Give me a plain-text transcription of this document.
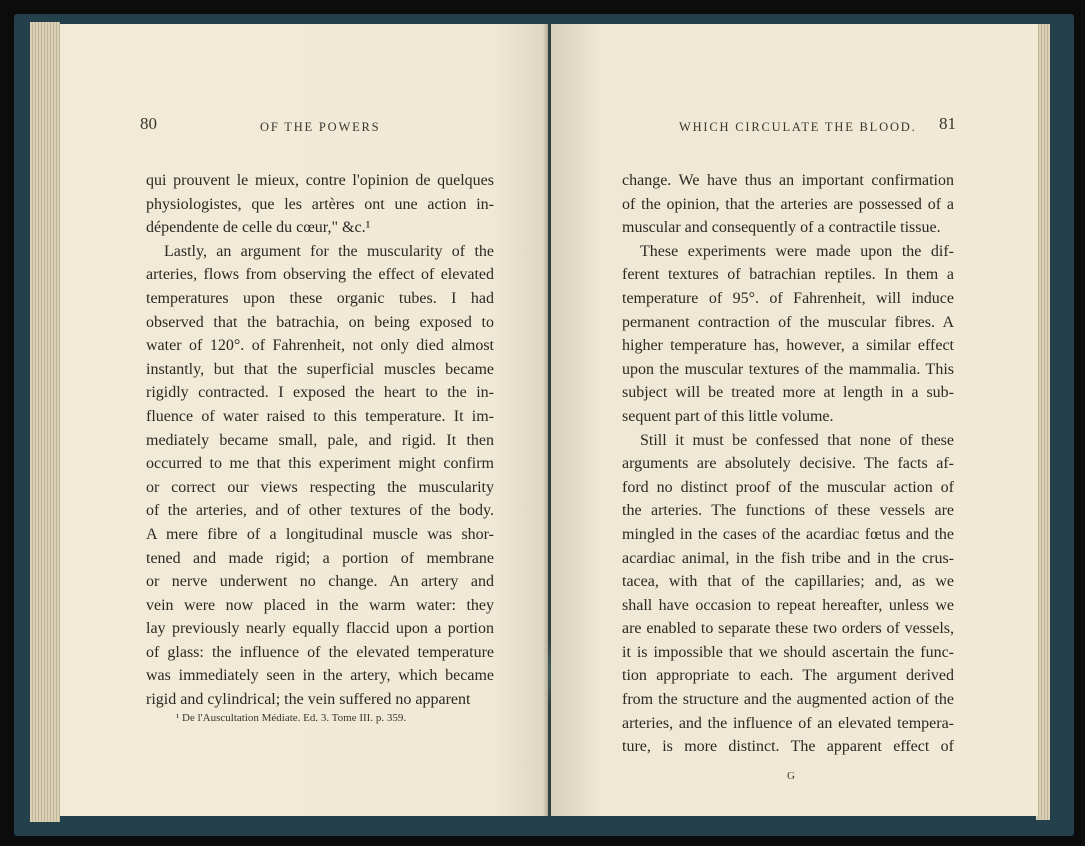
80	OF THE POWERS
qui prouvent le mieux, contre l'opinion de quelques
physiologistes, que les artères ont une action in-
dépendente de celle du cœur," &c.¹
Lastly, an argument for the muscularity of the
arteries, flows from observing the effect of elevated
temperatures upon these organic tubes. I had
observed that the batrachia, on being exposed to
water of 120°. of Fahrenheit, not only died almost
instantly, but that the superficial muscles became
rigidly contracted. I exposed the heart to the in-
fluence of water raised to this temperature. It im-
mediately became small, pale, and rigid. It then
occurred to me that this experiment might confirm
or correct our views respecting the muscularity
of the arteries, and of other textures of the body.
A mere fibre of a longitudinal muscle was shor-
tened and made rigid; a portion of membrane
or nerve underwent no change. An artery and
vein were now placed in the warm water: they
lay previously nearly equally flaccid upon a portion
of glass: the influence of the elevated temperature
was immediately seen in the artery, which became
rigid and cylindrical; the vein suffered no apparent
¹ De l'Auscultation Médiate. Ed. 3. Tome III. p. 359.
WHICH CIRCULATE THE BLOOD. 81
change. We have thus an important confirmation
of the opinion, that the arteries are possessed of a
muscular and consequently of a contractile tissue.
These experiments were made upon the dif-
ferent textures of batrachian reptiles. In them a
temperature of 95°. of Fahrenheit, will induce
permanent contraction of the muscular fibres. A
higher temperature has, however, a similar effect
upon the muscular textures of the mammalia. This
subject will be treated more at length in a sub-
sequent part of this little volume.
Still it must be confessed that none of these
arguments are absolutely decisive. The facts af-
ford no distinct proof of the muscular action of
the arteries. The functions of these vessels are
mingled in the cases of the acardiac fœtus and the
acardiac animal, in the fish tribe and in the crus-
tacea, with that of the capillaries; and, as we
shall have occasion to repeat hereafter, unless we
are enabled to separate these two orders of vessels,
it is impossible that we should ascertain the func-
tion appropriate to each. The argument derived
from the structure and the augmented action of the
arteries, and the influence of an elevated tempera-
ture, is more distinct. The apparent effect of
G
